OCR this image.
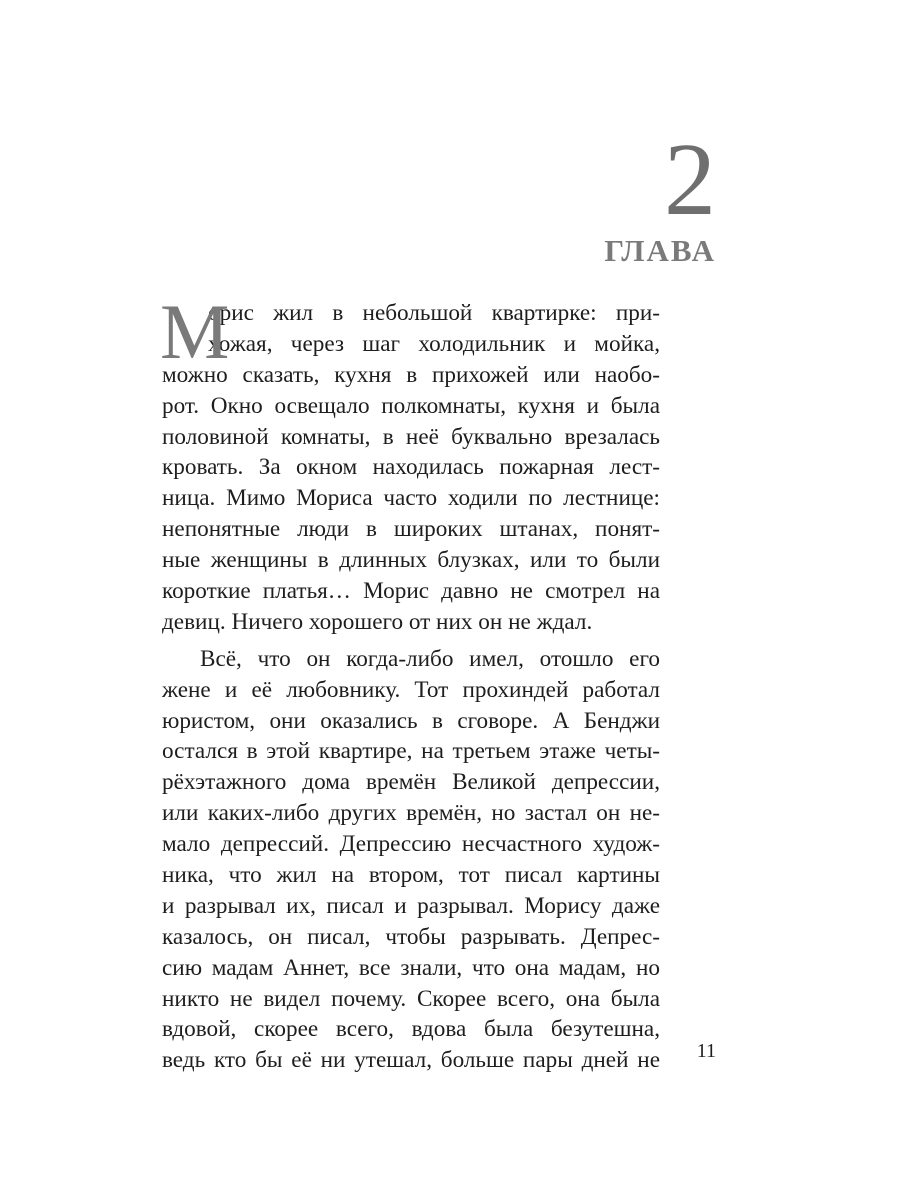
2
ГЛАВА
М
орис жил в небольшой квартирке: при-
хожая, через шаг холодильник и мойка,
можно сказать, кухня в прихожей или наобо-
рот. Окно освещало полкомнаты, кухня и была
половиной комнаты, в неё буквально врезалась
кровать. За окном находилась пожарная лест-
ница. Мимо Мориса часто ходили по лестнице:
непонятные люди в широких штанах, понят-
ные женщины в длинных блузках, или то были
короткие платья… Морис давно не смотрел на
девиц. Ничего хорошего от них он не ждал.
Всё, что он когда-либо имел, отошло его
жене и её любовнику. Тот прохиндей работал
юристом, они оказались в сговоре. А Бенджи
остался в этой квартире, на третьем этаже четы-
рёхэтажного дома времён Великой депрессии,
или каких-либо других времён, но застал он не-
мало депрессий. Депрессию несчастного худож-
ника, что жил на втором, тот писал картины
и разрывал их, писал и разрывал. Морису даже
казалось, он писал, чтобы разрывать. Депрес-
сию мадам Аннет, все знали, что она мадам, но
никто не видел почему. Скорее всего, она была
вдовой, скорее всего, вдова была безутешна,
ведь кто бы её ни утешал, больше пары дней не 11
